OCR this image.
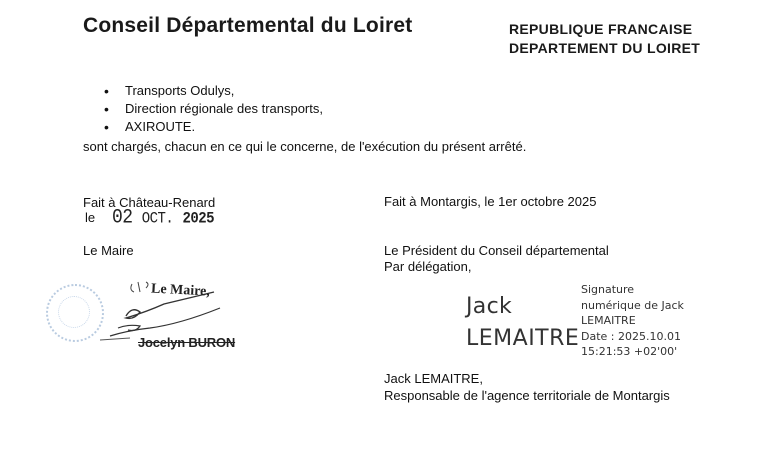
Conseil Départemental du Loiret	REPUBLIQUE FRANCAISE
DEPARTEMENT DU LOIRET
• Transports Odulys,
• Direction régionale des transports,
• AXIROUTE.
sont chargés, chacun en ce qui le concerne, de l'exécution du présent arrêté.
Fait à Château-Renard
le 02 OCT. 2025
Le Maire
Le Maire,
Jocelyn BURON
Fait à Montargis, le 1er octobre 2025
Le Président du Conseil départemental
Par délégation,
Jack
LEMAITRE
Signature
numérique de Jack
LEMAITRE
Date : 2025.10.01
15:21:53 +02'00'
Jack LEMAITRE,
Responsable de l'agence territoriale de Montargis
